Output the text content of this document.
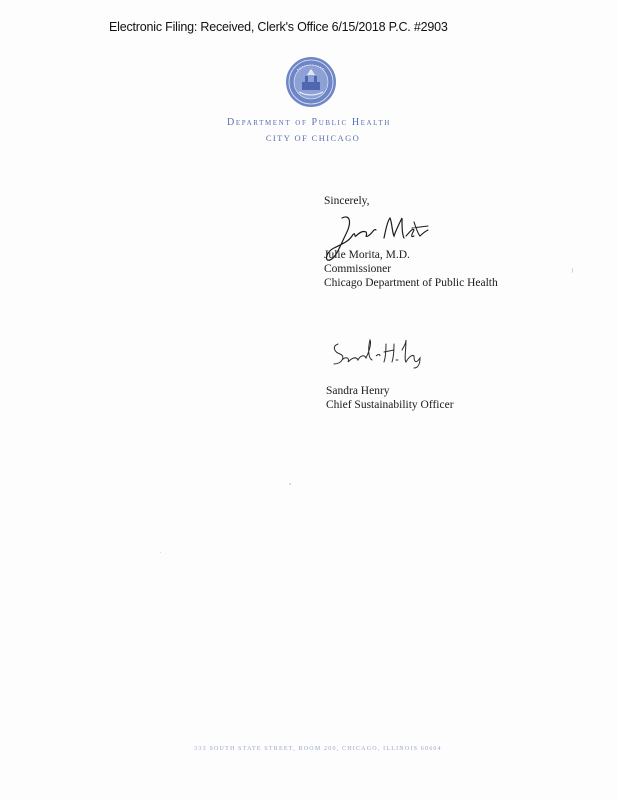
Electronic Filing: Received, Clerk's Office 6/15/2018 P.C. #2903
Department of Public Health
CITY OF CHICAGO
Sincerely,
Julie Morita, M.D.
Commissioner
Chicago Department of Public Health
Sandra Henry
Chief Sustainability Officer
333 SOUTH STATE STREET, ROOM 200, CHICAGO, ILLINOIS 60604
